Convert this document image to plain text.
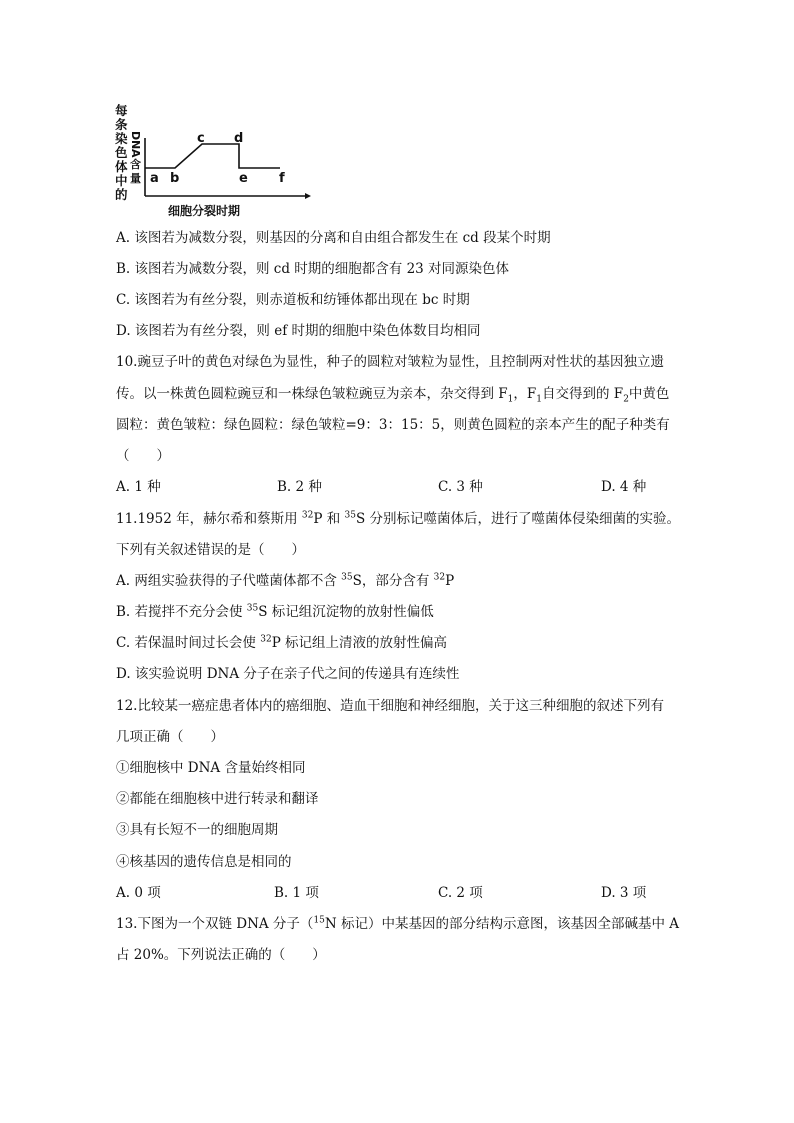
每
条
染
色
体
中
的
D
N
A
含
量 a b
c d
e f
细胞分裂时期
A. 该图若为减数分裂，则基因的分离和自由组合都发生在 cd 段某个时期
B. 该图若为减数分裂，则 cd 时期的细胞都含有 23 对同源染色体
C. 该图若为有丝分裂，则赤道板和纺锤体都出现在 bc 时期
D. 该图若为有丝分裂，则 ef 时期的细胞中染色体数目均相同
10.豌豆子叶的黄色对绿色为显性，种子的圆粒对皱粒为显性，且控制两对性状的基因独立遗
传。以一株黄色圆粒豌豆和一株绿色皱粒豌豆为亲本，杂交得到 $F_1$，$F_1$自交得到的 $F_2$中黄色
圆粒：黄色皱粒：绿色圆粒：绿色皱粒=9：3：15：5，则黄色圆粒的亲本产生的配子种类有
（　　）
A. 1 种	B. 2 种	C. 3 种	D. 4 种
11.1952 年，赫尔希和蔡斯用 $^{32}$P 和 $^{35}$S 分别标记噬菌体后，进行了噬菌体侵染细菌的实验。
下列有关叙述错误的是（　　）
A. 两组实验获得的子代噬菌体都不含 $^{35}$S，部分含有 $^{32}$P
B. 若搅拌不充分会使 $^{35}$S 标记组沉淀物的放射性偏低
C. 若保温时间过长会使 $^{32}$P 标记组上清液的放射性偏高
D. 该实验说明 DNA 分子在亲子代之间的传递具有连续性
12.比较某一癌症患者体内的癌细胞、造血干细胞和神经细胞，关于这三种细胞的叙述下列有
几项正确（　　）
①细胞核中 DNA 含量始终相同
②都能在细胞核中进行转录和翻译
③具有长短不一的细胞周期
④核基因的遗传信息是相同的
A. 0 项	B. 1 项	C. 2 项	D. 3 项
13.下图为一个双链 DNA 分子（$^{15}$N 标记）中某基因的部分结构示意图，该基因全部碱基中 A
占 20%。下列说法正确的（　　）
